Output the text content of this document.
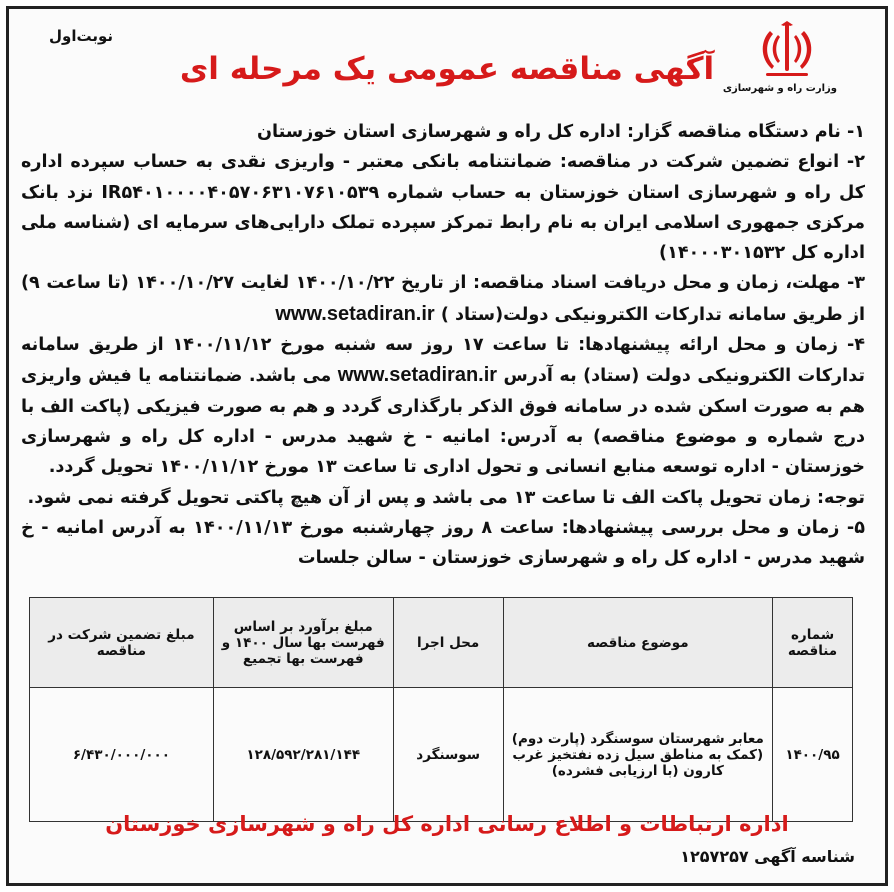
وزارت راه و شهرسازی
نوبت‌اول
آگهی مناقصه عمومی یک مرحله ای

۱- نام دستگاه مناقصه گزار: اداره کل راه و شهرسازی استان خوزستان

۲- انواع تضمین شرکت در مناقصه: ضمانتنامه بانکی معتبر - واریزی نقدی به حساب سپرده اداره کل راه و شهرسازی استان خوزستان به حساب شماره IR۵۴۰۱۰۰۰۰۴۰۵۷۰۶۳۱۰۷۶۱۰۵۳۹ نزد بانک مرکزی جمهوری اسلامی ایران به نام رابط تمرکز سپرده تملک دارایی‌های سرمایه ای (شناسه ملی اداره کل ۱۴۰۰۰۳۰۱۵۳۲)

۳- مهلت، زمان و محل دریافت اسناد مناقصه: از تاریخ ۱۴۰۰/۱۰/۲۲ لغایت ۱۴۰۰/۱۰/۲۷ (تا ساعت ۹) از طریق سامانه تدارکات الکترونیکی دولت(ستاد ) www.setadiran.ir

۴- زمان و محل ارائه پیشنهادها: تا ساعت ۱۷ روز سه شنبه مورخ ۱۴۰۰/۱۱/۱۲ از طریق سامانه تدارکات الکترونیکی دولت (ستاد) به آدرس www.setadiran.ir می باشد. ضمانتنامه یا فیش واریزی هم به صورت اسکن شده در سامانه فوق الذکر بارگذاری گردد و هم به صورت فیزیکی (پاکت الف با درج شماره و موضوع مناقصه) به آدرس: امانیه - خ شهید مدرس - اداره کل راه و شهرسازی خوزستان - اداره توسعه منابع انسانی و تحول اداری تا ساعت ۱۳ مورخ ۱۴۰۰/۱۱/۱۲ تحویل گردد.

توجه: زمان تحویل پاکت الف تا ساعت ۱۳ می باشد و پس از آن هیچ پاکتی تحویل گرفته نمی شود.

۵- زمان و محل بررسی پیشنهادها: ساعت ۸ روز چهارشنبه مورخ ۱۴۰۰/۱۱/۱۳ به آدرس امانیه - خ شهید مدرس - اداره کل راه و شهرسازی خوزستان - سالن جلسات

شماره مناقصه	موضوع مناقصه	محل اجرا	مبلغ برآورد بر اساس فهرست بها سال ۱۴۰۰ و فهرست بها تجمیع	مبلغ تضمین شرکت در مناقصه
۱۴۰۰/۹۵	معابر شهرستان سوسنگرد (پارت دوم) (کمک به مناطق سیل زده نفتخیز غرب کارون (با ارزیابی فشرده)	سوسنگرد	۱۲۸/۵۹۲/۲۸۱/۱۴۴	۶/۴۳۰/۰۰۰/۰۰۰
اداره ارتباطات و اطلاع رسانی اداره کل راه و شهرسازی خوزستان
شناسه آگهی ۱۲۵۷۲۵۷
